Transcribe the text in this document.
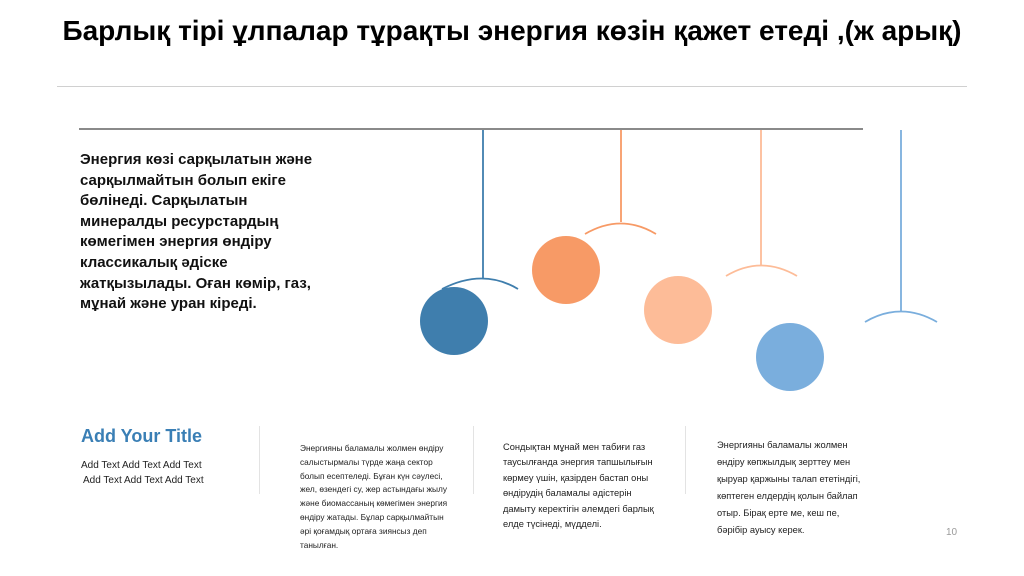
Барлық тірі ұлпалар тұрақты энергия көзін қажет етеді ,(ж арық)
Энергия көзі сарқылатын және сарқылмайтын болып екіге бөлінеді. Сарқылатын минералды ресурстардың көмегімен энергия өндіру классикалық әдіске жатқызылады. Оған көмір, газ, мұнай және уран кіреді.
Add Your Title
Add Text Add Text Add Text
Add Text Add Text Add Text
Энергияны баламалы жолмен өндіру салыстырмалы түрде жаңа сектор болып есептеледі. Бұған күн сәулесі, жел, өзендегі су, жер астындағы жылу және биомассаның көмегімен энергия өндіру жатады. Бұлар сарқылмайтын әрі қоғамдық ортаға зиянсыз деп танылған.
Сондықтан мұнай мен табиғи газ таусылғанда энергия тапшылығын көрмеу үшін, қазірден бастап оны өндірудің баламалы әдістерін дамыту керектігін әлемдегі барлық елде түсінеді, мүдделі.
Энергияны баламалы жолмен өндіру көпжылдық зерттеу мен қыруар қаржыны талап ететіндігі, көптеген елдердің қолын байлап отыр. Бірақ ерте ме, кеш пе, бәрібір ауысу керек.	10
